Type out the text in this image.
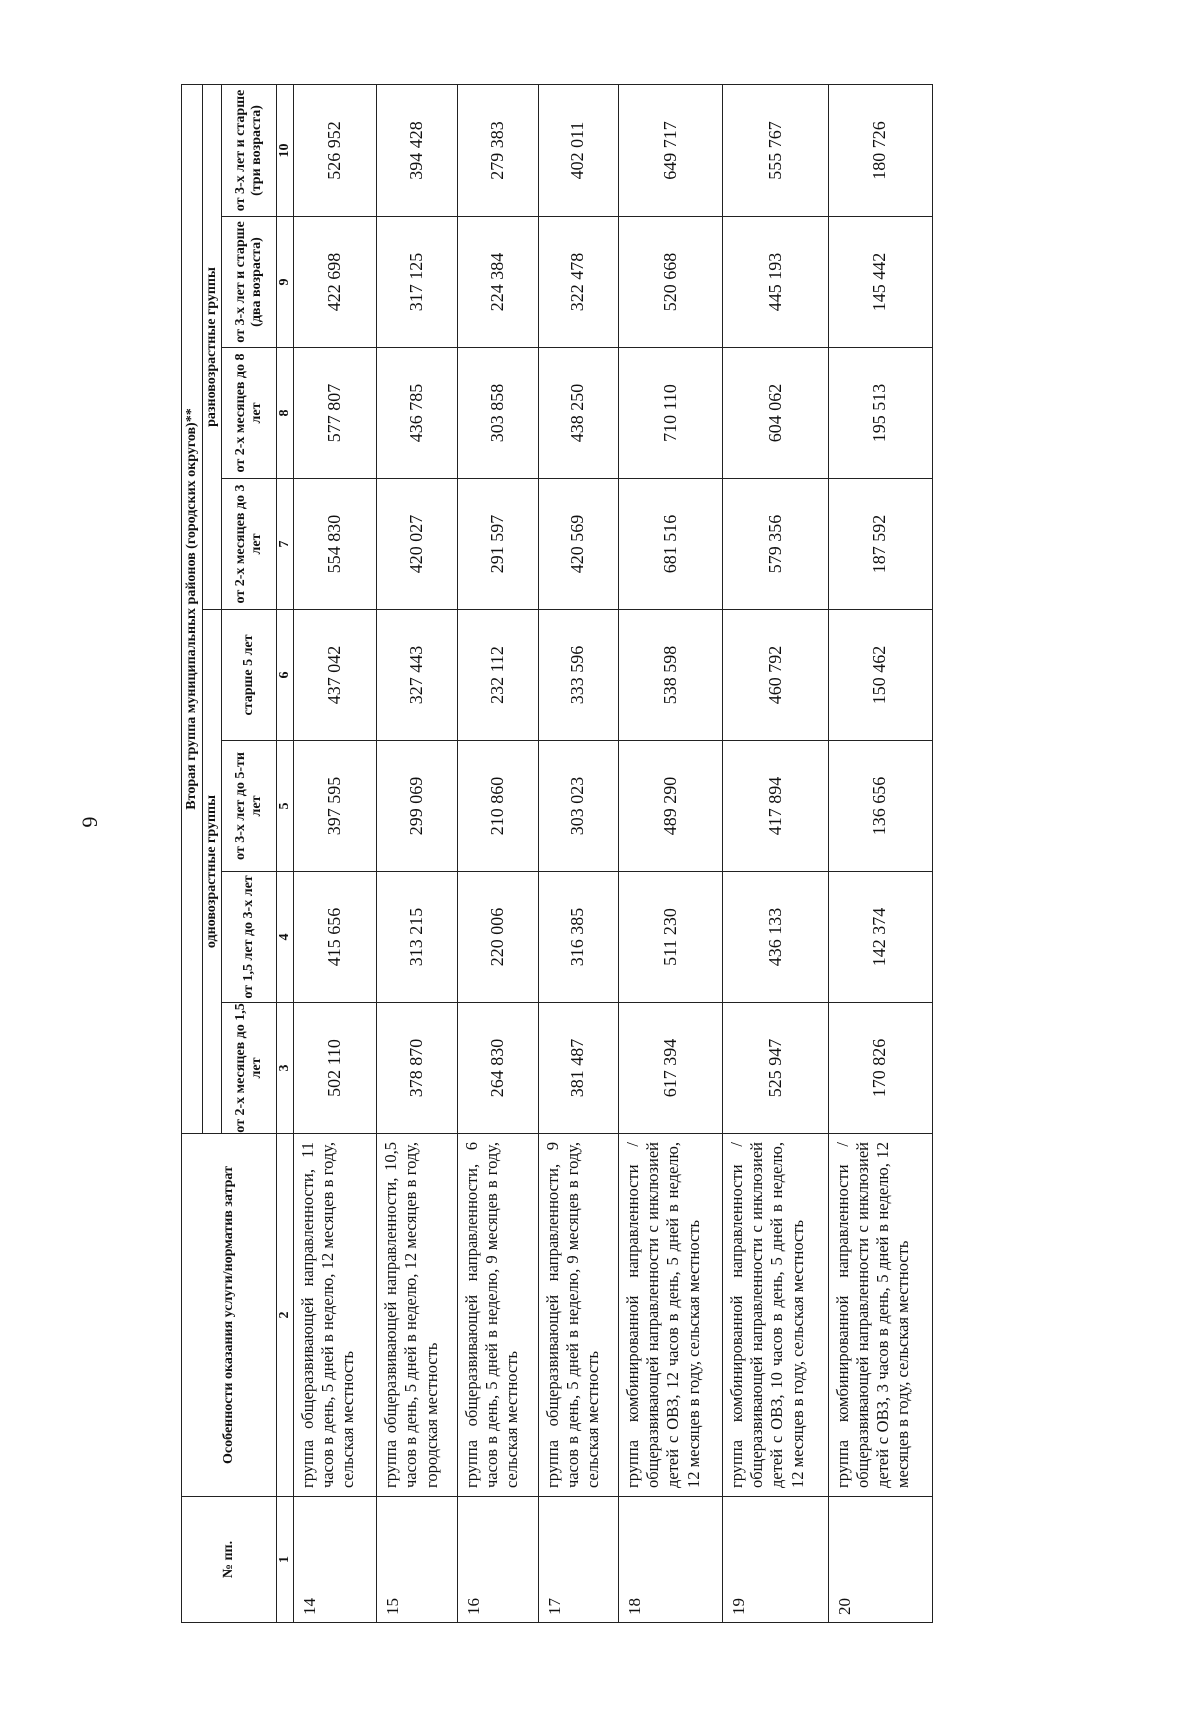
6
№ пп.	Особенности оказания услуги/норматив затрат	Вторая группа муниципальных районов (городских округов)**							
		одновозрастные группы				разновозрастные группы			
		от 2-х месяцев до 1,5 лет	от 1,5 лет до 3-х лет	от 3-х лет до 5-ти лет	старше 5 лет	от 2-х месяцев до 3 лет	от 2-х месяцев до 8 лет	от 3-х лет и старше (два возраста)	от 3-х лет и старше (три возраста)
1	2	3	4	5	6	7	8	9	10
14	группа общеразвивающей направленности, 11 часов в день, 5 дней в неделю, 12 месяцев в году, сельская местность	502 110	415 656	397 595	437 042	554 830	577 807	422 698	526 952
15	группа общеразвивающей направленности, 10,5 часов в день, 5 дней в неделю, 12 месяцев в году, городская местность	378 870	313 215	299 069	327 443	420 027	436 785	317 125	394 428
16	группа общеразвивающей направленности, 6 часов в день, 5 дней в неделю, 9 месяцев в году, сельская местность	264 830	220 006	210 860	232 112	291 597	303 858	224 384	279 383
17	группа общеразвивающей направленности, 9 часов в день, 5 дней в неделю, 9 месяцев в году, сельская местность	381 487	316 385	303 023	333 596	420 569	438 250	322 478	402 011
18	группа комбинированной направленности / общеразвивающей направленности с инклюзией детей с ОВЗ, 12 часов в день, 5 дней в неделю, 12 месяцев в году, сельская местность	617 394	511 230	489 290	538 598	681 516	710 110	520 668	649 717
19	группа комбинированной направленности / общеразвивающей направленности с инклюзией детей с ОВЗ, 10 часов в день, 5 дней в неделю, 12 месяцев в году, сельская местность	525 947	436 133	417 894	460 792	579 356	604 062	445 193	555 767
20	группа комбинированной направленности / общеразвивающей направленности с инклюзией детей с ОВЗ, 3 часов в день, 5 дней в неделю, 12 месяцев в году, сельская местность	170 826	142 374	136 656	150 462	187 592	195 513	145 442	180 726
